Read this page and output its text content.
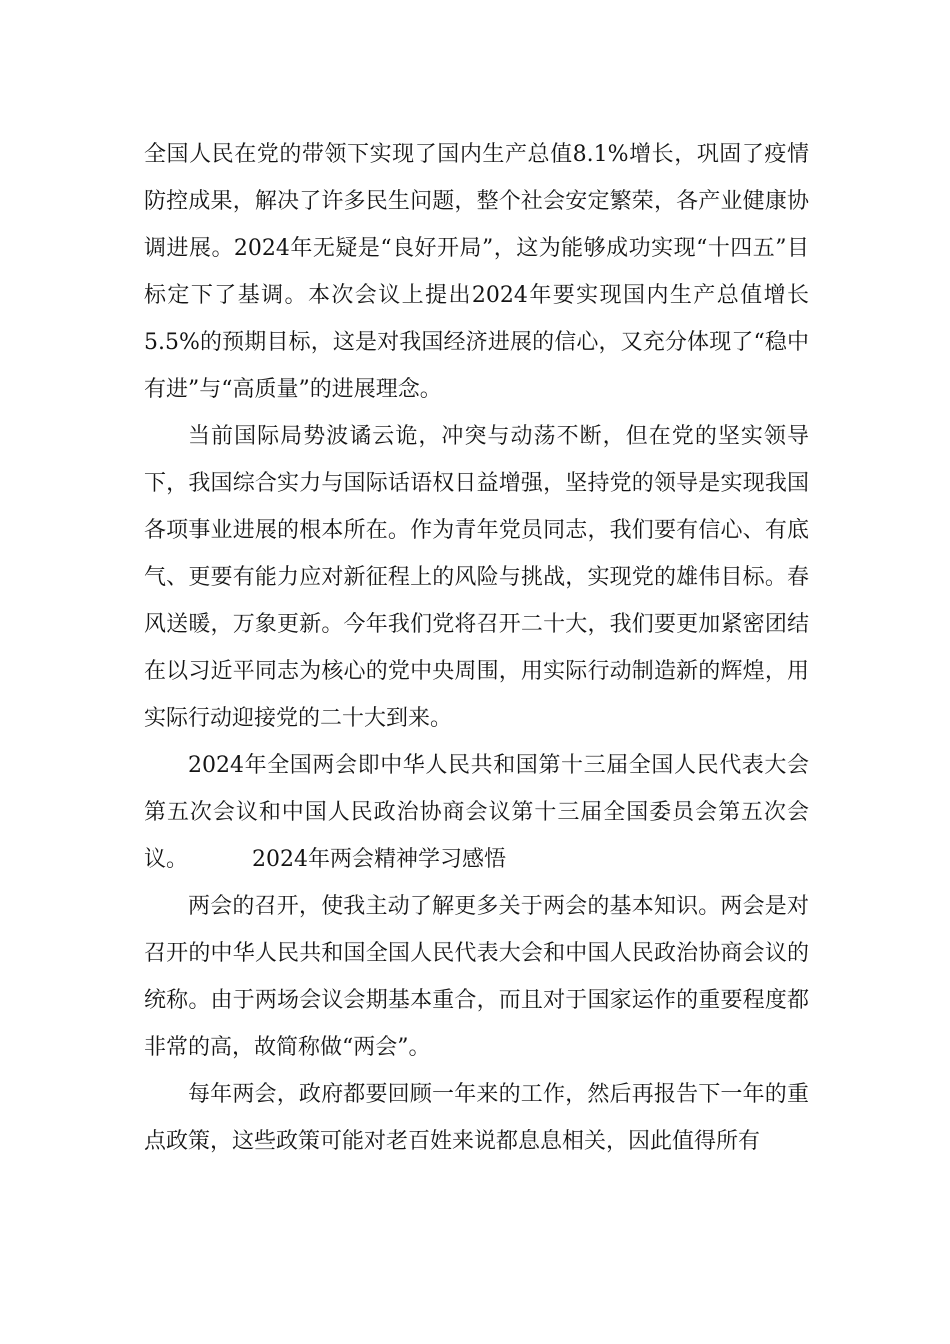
全国人民在党的带领下实现了国内生产总值8.1%增长，巩固了疫情防控成果，解决了许多民生问题，整个社会安定繁荣，各产业健康协调进展。2024年无疑是“良好开局”，这为能够成功实现“十四五”目标定下了基调。本次会议上提出2024年要实现国内生产总值增长5.5%的预期目标，这是对我国经济进展的信心，又充分体现了“稳中有进”与“高质量”的进展理念。

当前国际局势波谲云诡，冲突与动荡不断，但在党的坚实领导下，我国综合实力与国际话语权日益增强，坚持党的领导是实现我国各项事业进展的根本所在。作为青年党员同志，我们要有信心、有底气、更要有能力应对新征程上的风险与挑战，实现党的雄伟目标。春风送暖，万象更新。今年我们党将召开二十大，我们要更加紧密团结在以习近平同志为核心的党中央周围，用实际行动制造新的辉煌，用实际行动迎接党的二十大到来。

2024年全国两会即中华人民共和国第十三届全国人民代表大会第五次会议和中国人民政治协商会议第十三届全国委员会第五次会议。	2024年两会精神学习感悟

两会的召开，使我主动了解更多关于两会的基本知识。两会是对召开的中华人民共和国全国人民代表大会和中国人民政治协商会议的统称。由于两场会议会期基本重合，而且对于国家运作的重要程度都非常的高，故简称做“两会”。

每年两会，政府都要回顾一年来的工作，然后再报告下一年的重点政策，这些政策可能对老百姓来说都息息相关，因此值得所有
